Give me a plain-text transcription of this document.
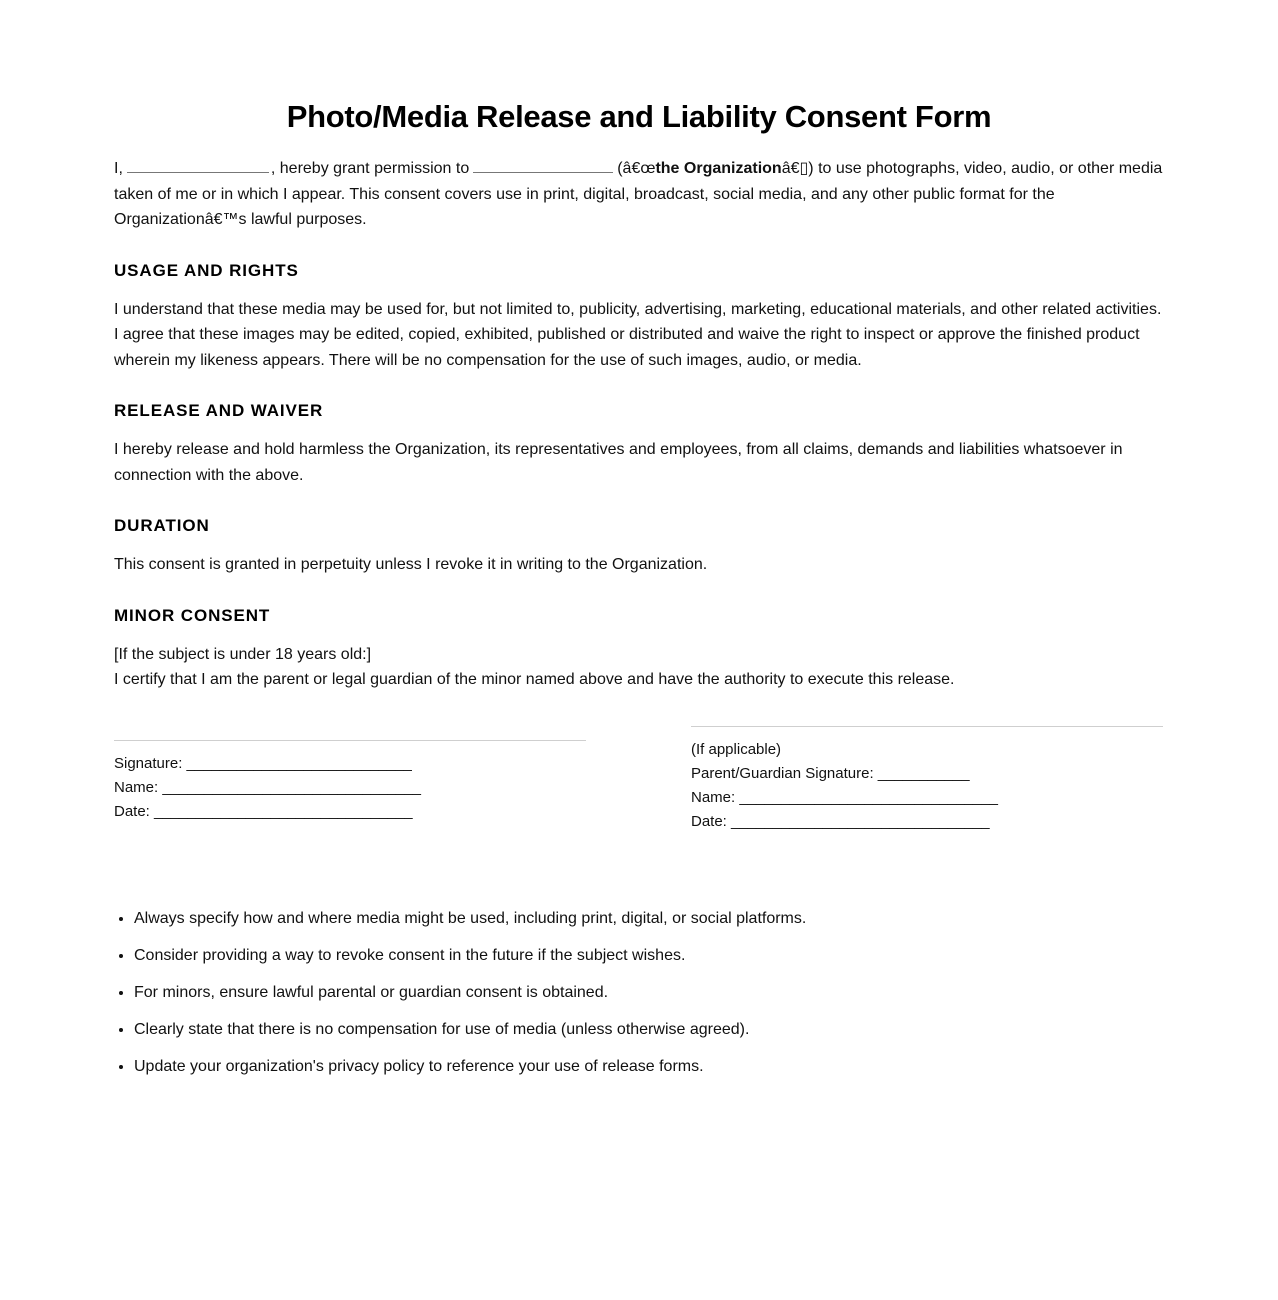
Photo/Media Release and Liability Consent Form

I,	, hereby grant permission to	(â€œthe Organizationâ€▯) to use photographs, video, audio, or other media taken of me or in which I appear. This consent covers use in print, digital, broadcast, social media, and any other public format for the Organizationâ€™s lawful purposes.

USAGE AND RIGHTS

I understand that these media may be used for, but not limited to, publicity, advertising, marketing, educational materials, and other related activities. I agree that these images may be edited, copied, exhibited, published or distributed and waive the right to inspect or approve the finished product wherein my likeness appears. There will be no compensation for the use of such images, audio, or media.

RELEASE AND WAIVER

I hereby release and hold harmless the Organization, its representatives and employees, from all claims, demands and liabilities whatsoever in connection with the above.

DURATION

This consent is granted in perpetuity unless I revoke it in writing to the Organization.

MINOR CONSENT

[If the subject is under 18 years old:]

I certify that I am the parent or legal guardian of the minor named above and have the authority to execute this release.

Signature: ___________________________
Name: _______________________________
Date: _______________________________
(If applicable)
Parent/Guardian Signature: ___________
Name: _______________________________
Date: _______________________________
• Always specify how and where media might be used, including print, digital, or social platforms.
• Consider providing a way to revoke consent in the future if the subject wishes.
• For minors, ensure lawful parental or guardian consent is obtained.
• Clearly state that there is no compensation for use of media (unless otherwise agreed).
• Update your organization's privacy policy to reference your use of release forms.
